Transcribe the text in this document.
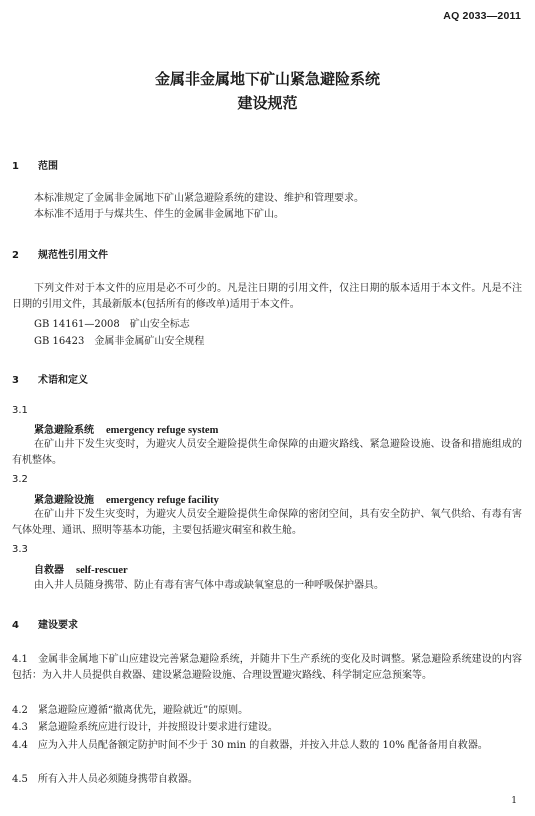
AQ 2033—2011
金属非金属地下矿山紧急避险系统
建设规范
1 范围
本标准规定了金属非金属地下矿山紧急避险系统的建设、维护和管理要求。
本标准不适用于与煤共生、伴生的金属非金属地下矿山。
2 规范性引用文件
下列文件对于本文件的应用是必不可少的。凡是注日期的引用文件，仅注日期的版本适用于本文件。凡是不注日期的引用文件，其最新版本(包括所有的修改单)适用于本文件。
GB 14161—2008　矿山安全标志
GB 16423　金属非金属矿山安全规程
3 术语和定义
3.1
紧急避险系统 emergency refuge system
在矿山井下发生灾变时，为避灾人员安全避险提供生命保障的由避灾路线、紧急避险设施、设备和措施组成的有机整体。
3.2
紧急避险设施 emergency refuge facility
在矿山井下发生灾变时，为避灾人员安全避险提供生命保障的密闭空间，具有安全防护、氧气供给、有毒有害气体处理、通讯、照明等基本功能，主要包括避灾硐室和救生舱。
3.3
自救器 self-rescuer
由入井人员随身携带、防止有毒有害气体中毒或缺氧窒息的一种呼吸保护器具。
4 建设要求
4.1　 金属非金属地下矿山应建设完善紧急避险系统，并随井下生产系统的变化及时调整。紧急避险系统建设的内容包括：为入井人员提供自救器、建设紧急避险设施、合理设置避灾路线、科学制定应急预案等。
4.2　 紧急避险应遵循“撤离优先，避险就近”的原则。
4.3　 紧急避险系统应进行设计，并按照设计要求进行建设。
4.4　 应为入井人员配备额定防护时间不少于 30 min 的自救器，并按入井总人数的 10% 配备备用自救器。
4.5　 所有入井人员必须随身携带自救器。
1
